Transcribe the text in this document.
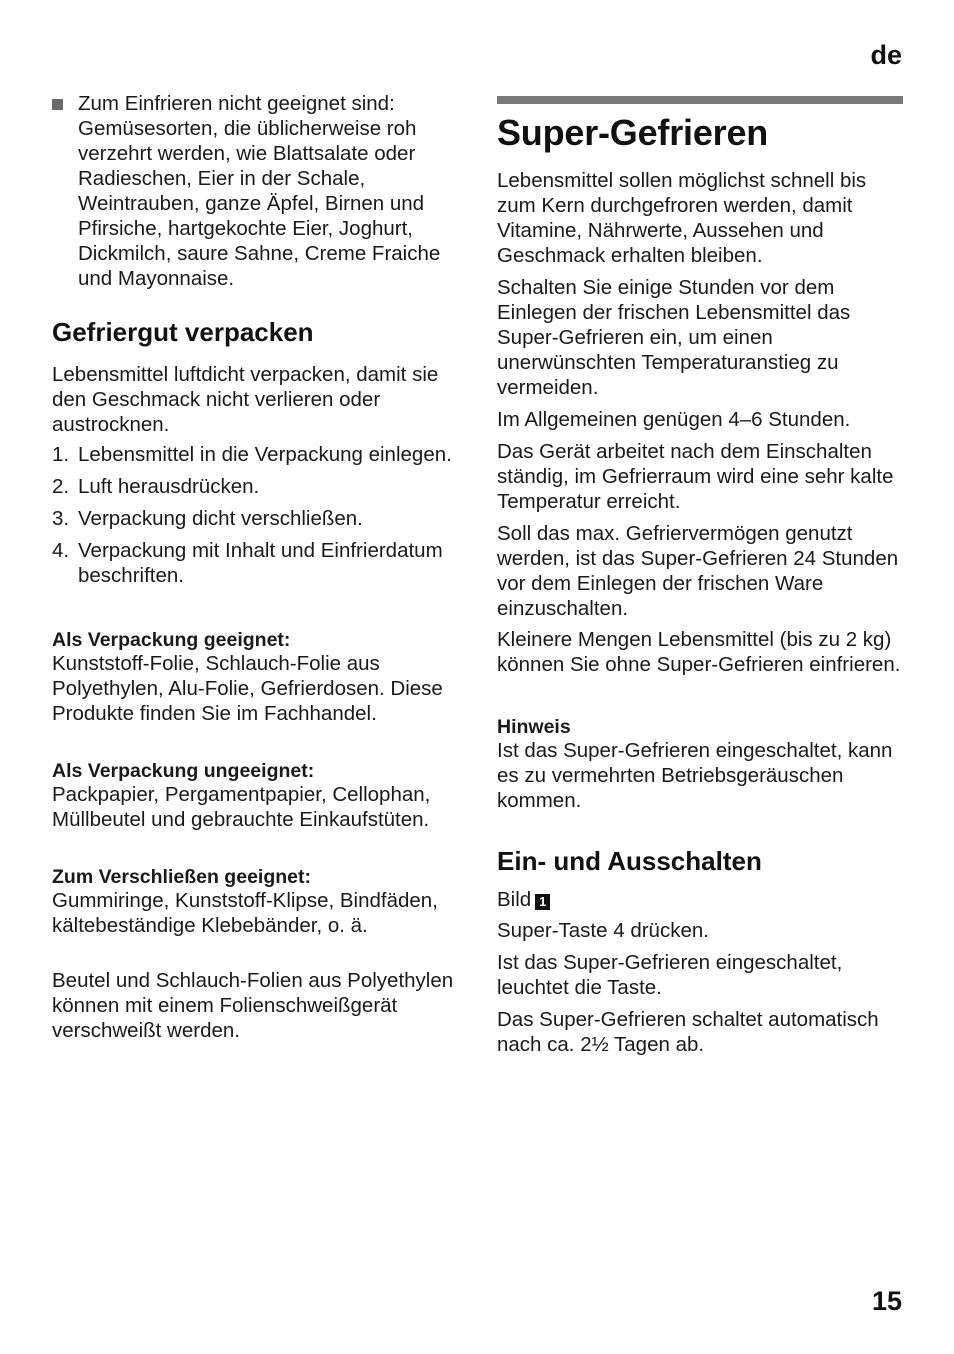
de

Zum Einfrieren nicht geeignet sind: Gemüsesorten, die üblicherweise roh verzehrt werden, wie Blattsalate oder Radieschen, Eier in der Schale, Weintrauben, ganze Äpfel, Birnen und Pfirsiche, hartgekochte Eier, Joghurt, Dickmilch, saure Sahne, Creme Fraiche und Mayonnaise.

Gefriergut verpacken

Lebensmittel luftdicht verpacken, damit sie den Geschmack nicht verlieren oder austrocknen.

1. Lebensmittel in die Verpackung einlegen.
2. Luft herausdrücken.
3. Verpackung dicht verschließen.
4. Verpackung mit Inhalt und Einfrierdatum beschriften.
Als Verpackung geeignet:

Kunststoff-Folie, Schlauch-Folie aus Polyethylen, Alu-Folie, Gefrierdosen. Diese Produkte finden Sie im Fachhandel.

Als Verpackung ungeeignet:

Packpapier, Pergamentpapier, Cellophan, Müllbeutel und gebrauchte Einkaufstüten.

Zum Verschließen geeignet:

Gummiringe, Kunststoff-Klipse, Bindfäden, kältebeständige Klebebänder, o. ä.

Beutel und Schlauch-Folien aus Polyethylen können mit einem Folienschweißgerät verschweißt werden.

Super-Gefrieren

Lebensmittel sollen möglichst schnell bis zum Kern durchgefroren werden, damit Vitamine, Nährwerte, Aussehen und Geschmack erhalten bleiben.

Schalten Sie einige Stunden vor dem Einlegen der frischen Lebensmittel das Super-Gefrieren ein, um einen unerwünschten Temperaturanstieg zu vermeiden.

Im Allgemeinen genügen 4–6 Stunden.

Das Gerät arbeitet nach dem Einschalten ständig, im Gefrierraum wird eine sehr kalte Temperatur erreicht.

Soll das max. Gefriervermögen genutzt werden, ist das Super-Gefrieren 24 Stunden vor dem Einlegen der frischen Ware einzuschalten.

Kleinere Mengen Lebensmittel (bis zu 2 kg) können Sie ohne Super-Gefrieren einfrieren.

Hinweis

Ist das Super-Gefrieren eingeschaltet, kann es zu vermehrten Betriebsgeräuschen kommen.

Ein- und Ausschalten

Bild 1

Super-Taste 4 drücken.

Ist das Super-Gefrieren eingeschaltet, leuchtet die Taste.

Das Super-Gefrieren schaltet automatisch nach ca. 2½ Tagen ab.

15
